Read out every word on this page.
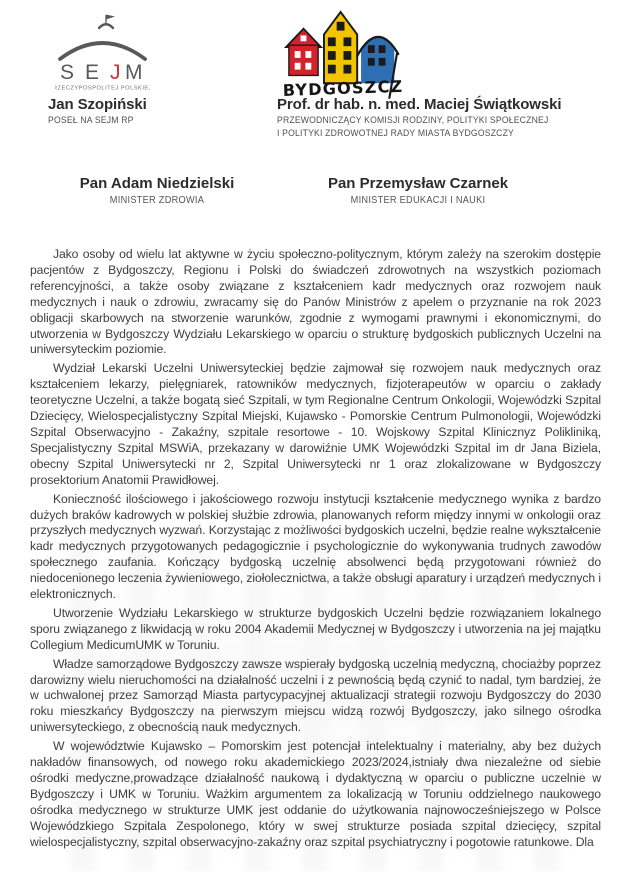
S E J M
RZECZYPOSPOLITEJ POLSKIEJ	BYDGOSZCZ
Jan Szopiński
POSEŁ NA SEJM RP
Prof. dr hab. n. med. Maciej Świątkowski
PRZEWODNICZĄCY KOMISJI RODZINY, POLITYKI SPOŁECZNEJ
I POLITYKI ZDROWOTNEJ RADY MIASTA BYDGOSZCZY
Pan Adam Niedzielski
MINISTER ZDROWIA
Pan Przemysław Czarnek
MINISTER EDUKACJI I NAUKI

Jako osoby od wielu lat aktywne w życiu społeczno-politycznym, którym zależy na szerokim dostępie pacjentów z Bydgoszczy, Regionu i Polski do świadczeń zdrowotnych na wszystkich poziomach referencyjności, a także osoby związane z kształceniem kadr medycznych oraz rozwojem nauk medycznych i nauk o zdrowiu, zwracamy się do Panów Ministrów z apelem o przyznanie na rok 2023 obligacji skarbowych na stworzenie warunków, zgodnie z wymogami prawnymi i ekonomicznymi, do utworzenia w Bydgoszczy Wydziału Lekarskiego w oparciu o strukturę bydgoskich publicznych Uczelni na uniwersyteckim poziomie.

Wydział Lekarski Uczelni Uniwersyteckiej będzie zajmował się rozwojem nauk medycznych oraz kształceniem lekarzy, pielęgniarek, ratowników medycznych, fizjoterapeutów w oparciu o zakłady teoretyczne Uczelni, a także bogatą sieć Szpitali, w tym Regionalne Centrum Onkologii, Wojewódzki Szpital Dziecięcy, Wielospecjalistyczny Szpital Miejski, Kujawsko - Pomorskie Centrum Pulmonologii, Wojewódzki Szpital Obserwacyjno - Zakaźny, szpitale resortowe - 10. Wojskowy Szpital Klinicznyz Polikliniką, Specjalistyczny Szpital MSWiA, przekazany w darowiźnie UMK Wojewódzki Szpital im dr Jana Biziela, obecny Szpital Uniwersytecki nr 2, Szpital Uniwersytecki nr 1 oraz zlokalizowane w Bydgoszczy prosektorium Anatomii Prawidłowej.

Konieczność ilościowego i jakościowego rozwoju instytucji kształcenie medycznego wynika z bardzo dużych braków kadrowych w polskiej służbie zdrowia, planowanych reform między innymi w onkologii oraz przyszłych medycznych wyzwań. Korzystając z możliwości bydgoskich uczelni, będzie realne wykształcenie kadr medycznych przygotowanych pedagogicznie i psychologicznie do wykonywania trudnych zawodów społecznego zaufania. Kończący bydgoską uczelnię absolwenci będą przygotowani również do niedocenionego leczenia żywieniowego, ziołolecznictwa, a także obsługi aparatury i urządzeń medycznych i elektronicznych.

Utworzenie Wydziału Lekarskiego w strukturze bydgoskich Uczelni będzie rozwiązaniem lokalnego sporu związanego z likwidacją w roku 2004 Akademii Medycznej w Bydgoszczy i utworzenia na jej majątku Collegium MedicumUMK w Toruniu.

Władze samorządowe Bydgoszczy zawsze wspierały bydgoską uczelnią medyczną, chociażby poprzez darowizny wielu nieruchomości na działalność uczelni i z pewnością będą czynić to nadal, tym bardziej, że w uchwalonej przez Samorząd Miasta partycypacyjnej aktualizacji strategii rozwoju Bydgoszczy do 2030 roku mieszkańcy Bydgoszczy na pierwszym miejscu widzą rozwój Bydgoszczy, jako silnego ośrodka uniwersyteckiego, z obecnością nauk medycznych.

W województwie Kujawsko – Pomorskim jest potencjał intelektualny i materialny, aby bez dużych nakładów finansowych, od nowego roku akademickiego 2023/2024,istniały dwa niezależne od siebie ośrodki medyczne,prowadzące działalność naukową i dydaktyczną w oparciu o publiczne uczelnie w Bydgoszczy i UMK w Toruniu. Ważkim argumentem za lokalizacją w Toruniu oddzielnego naukowego ośrodka medycznego w strukturze UMK jest oddanie do użytkowania najnowocześniejszego w Polsce Wojewódzkiego Szpitala Zespolonego, który w swej strukturze posiada szpital dziecięcy, szpital wielospecjalistyczny, szpital obserwacyjno-zakaźny oraz szpital psychiatryczny i pogotowie ratunkowe. Dla
